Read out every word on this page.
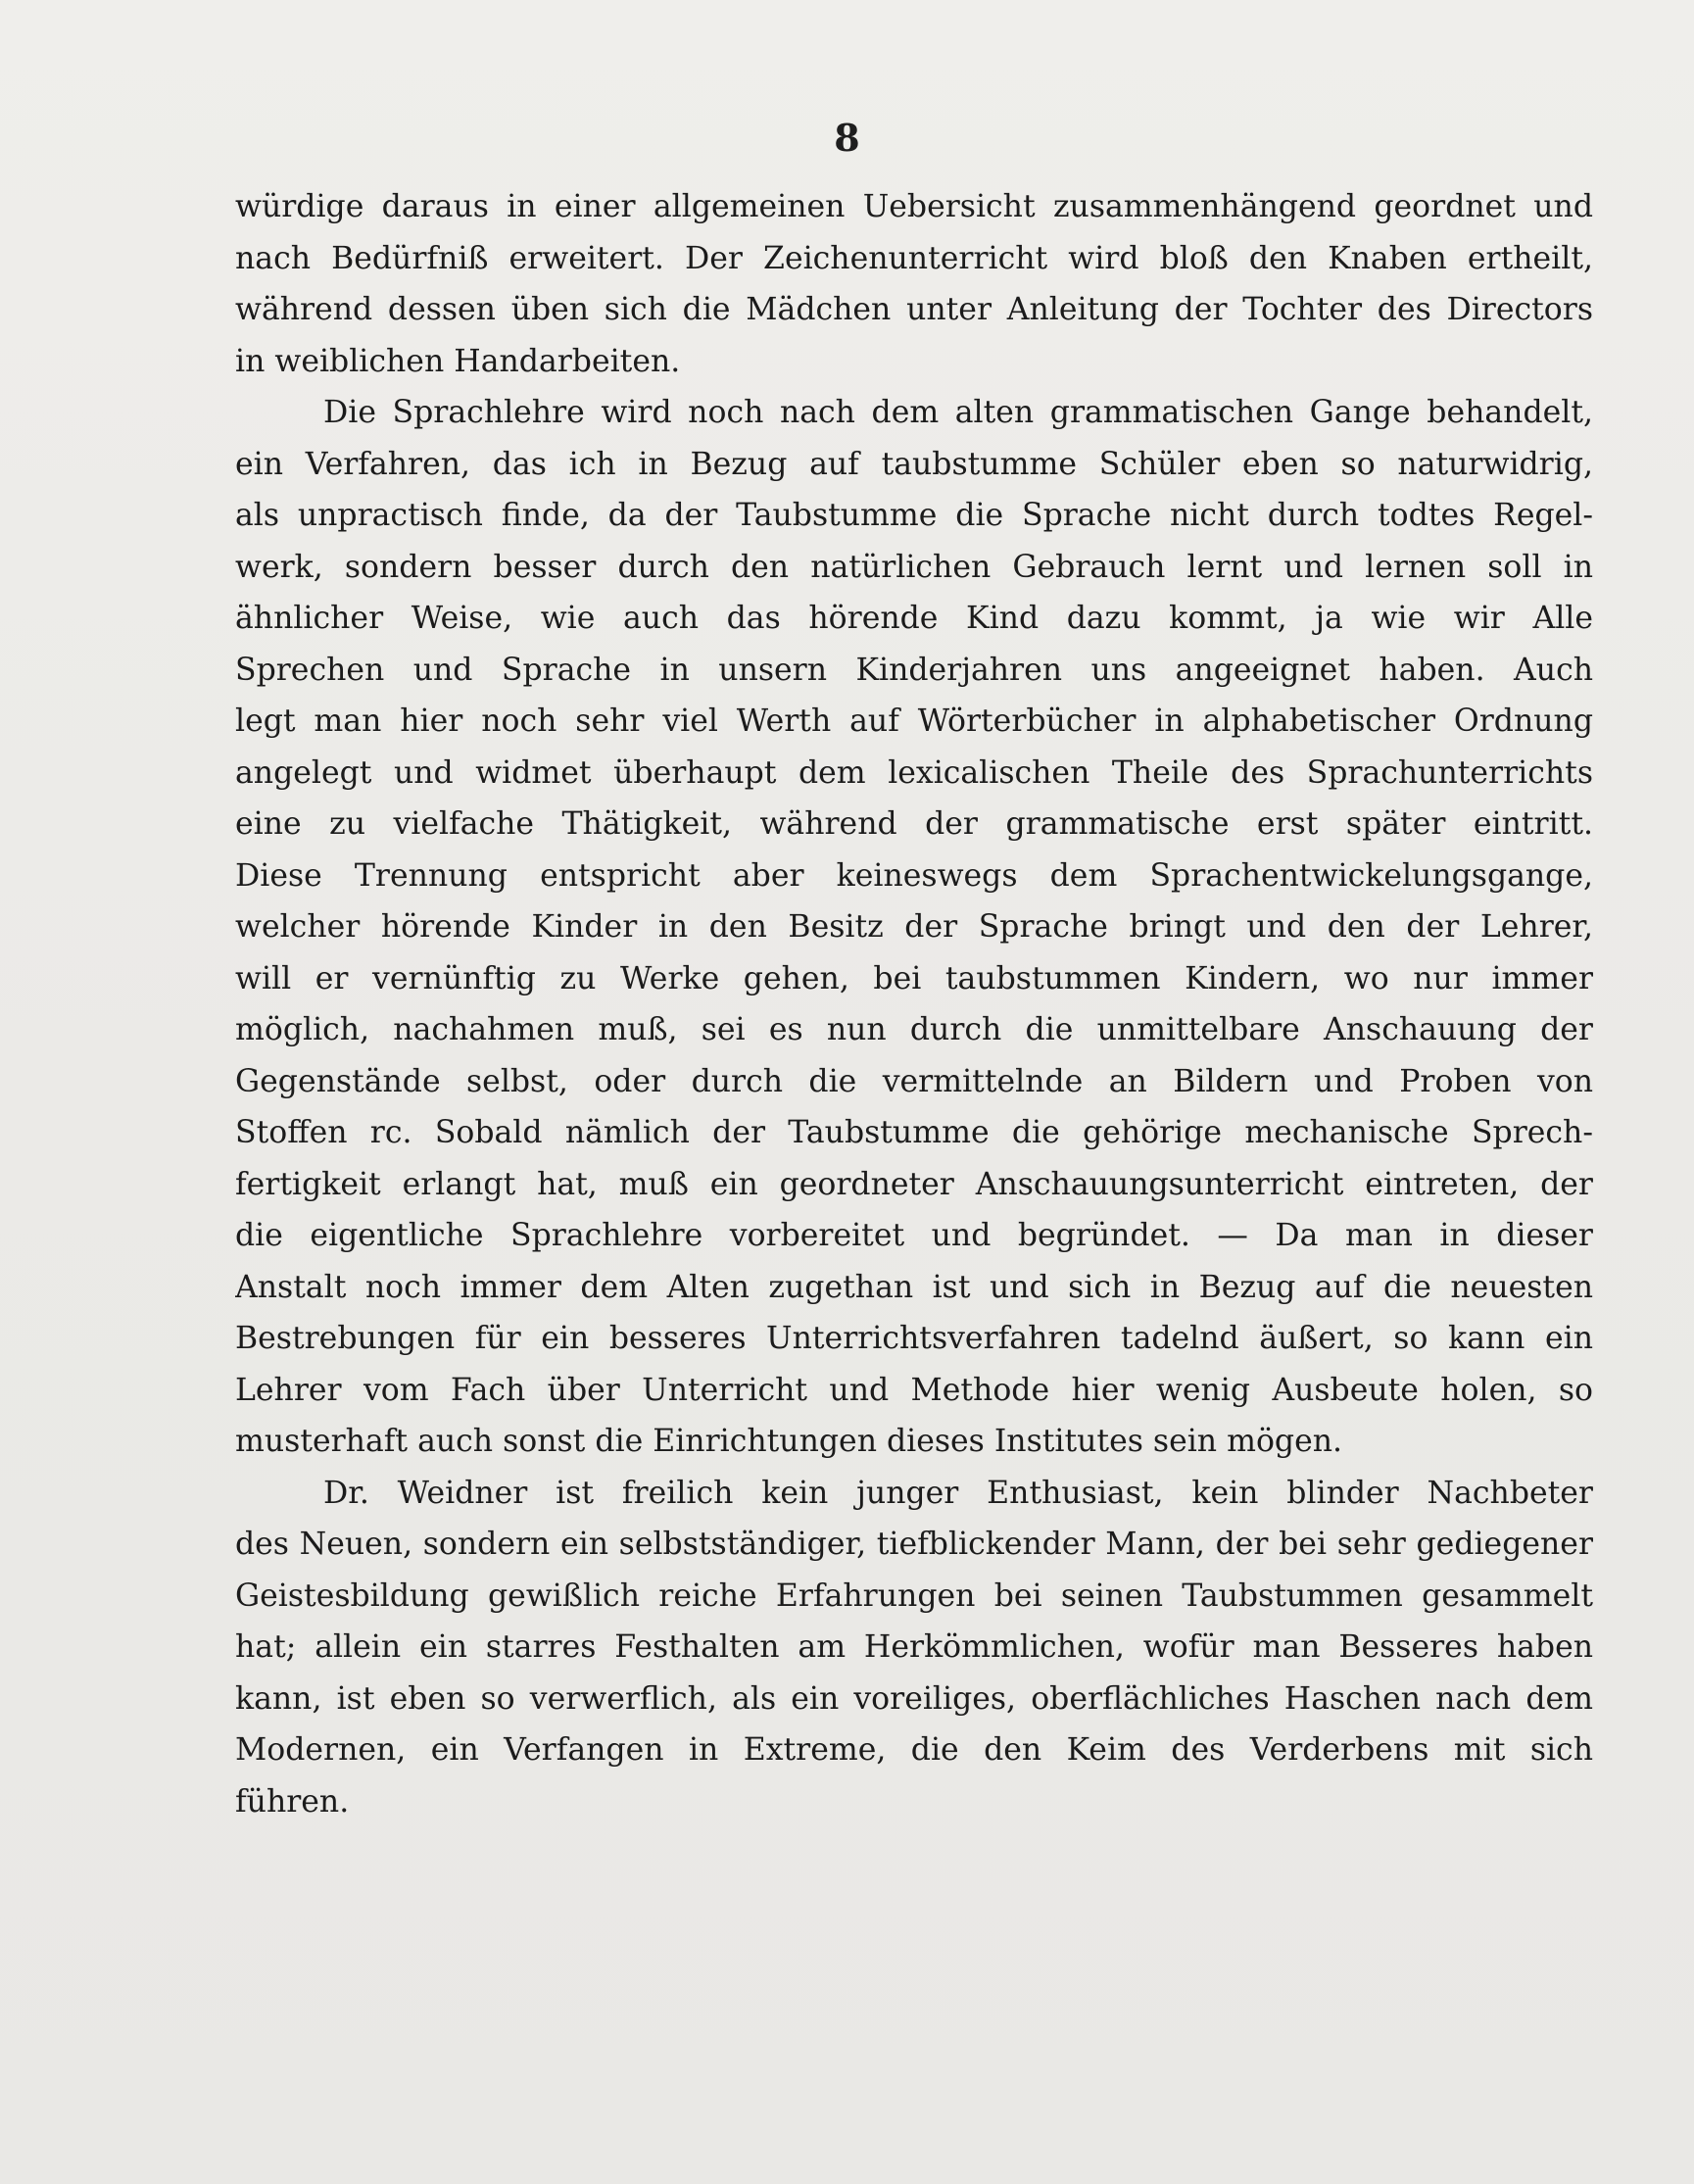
8
würdige daraus in einer allgemeinen Uebersicht zusammenhängend geordnet und
nach Bedürfniß erweitert. Der Zeichenunterricht wird bloß den Knaben ertheilt,
während dessen üben sich die Mädchen unter Anleitung der Tochter des Directors
in weiblichen Handarbeiten.
Die Sprachlehre wird noch nach dem alten grammatischen Gange behandelt,
ein Verfahren, das ich in Bezug auf taubstumme Schüler eben so naturwidrig,
als unpractisch finde, da der Taubstumme die Sprache nicht durch todtes Regel-
werk, sondern besser durch den natürlichen Gebrauch lernt und lernen soll in
ähnlicher Weise, wie auch das hörende Kind dazu kommt, ja wie wir Alle
Sprechen und Sprache in unsern Kinderjahren uns angeeignet haben. Auch
legt man hier noch sehr viel Werth auf Wörterbücher in alphabetischer Ordnung
angelegt und widmet überhaupt dem lexicalischen Theile des Sprachunterrichts
eine zu vielfache Thätigkeit, während der grammatische erst später eintritt.
Diese Trennung entspricht aber keineswegs dem Sprachentwickelungsgange,
welcher hörende Kinder in den Besitz der Sprache bringt und den der Lehrer,
will er vernünftig zu Werke gehen, bei taubstummen Kindern, wo nur immer
möglich, nachahmen muß, sei es nun durch die unmittelbare Anschauung der
Gegenstände selbst, oder durch die vermittelnde an Bildern und Proben von
Stoffen rc. Sobald nämlich der Taubstumme die gehörige mechanische Sprech-
fertigkeit erlangt hat, muß ein geordneter Anschauungsunterricht eintreten, der
die eigentliche Sprachlehre vorbereitet und begründet. — Da man in dieser
Anstalt noch immer dem Alten zugethan ist und sich in Bezug auf die neuesten
Bestrebungen für ein besseres Unterrichtsverfahren tadelnd äußert, so kann ein
Lehrer vom Fach über Unterricht und Methode hier wenig Ausbeute holen, so
musterhaft auch sonst die Einrichtungen dieses Institutes sein mögen.
Dr. Weidner ist freilich kein junger Enthusiast, kein blinder Nachbeter
des Neuen, sondern ein selbstständiger, tiefblickender Mann, der bei sehr gediegener
Geistesbildung gewißlich reiche Erfahrungen bei seinen Taubstummen gesammelt
hat; allein ein starres Festhalten am Herkömmlichen, wofür man Besseres haben
kann, ist eben so verwerflich, als ein voreiliges, oberflächliches Haschen nach dem
Modernen, ein Verfangen in Extreme, die den Keim des Verderbens mit sich
führen.
